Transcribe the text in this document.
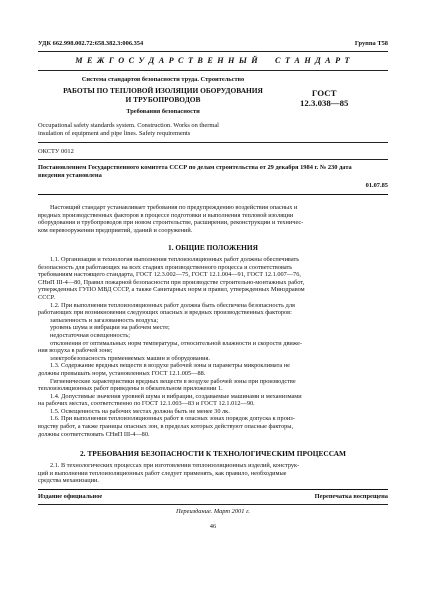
УДК 662.998.002.72:658.382.3:006.354	Группа Т58
М Е Ж Г О С У Д А Р С Т В Е Н Н Ы Й     С Т А Н Д А Р Т
Система стандартов безопасности труда. Строительство
РАБОТЫ ПО ТЕПЛОВОЙ ИЗОЛЯЦИИ ОБОРУДОВАНИЯ
И ТРУБОПРОВОДОВ
ГОСТ
12.3.038—85
Требования безопасности
Occupational safety standards system. Construction. Works on thermal
insulation of equipment and pipe lines. Safety requirements
ОКСТУ 0012
Постановлением Государственного комитета СССР по делам строительства от 29 декабря 1984 г. № 230 дата
введения установлена
01.07.85

Настоящий стандарт устанавливает требования по предупреждению воздействия опасных и

вредных производственных факторов в процессе подготовки и выполнения тепловой изоляции

оборудования и трубопроводов при новом строительстве, расширении, реконструкции и техничес-

ком перевооружении предприятий, зданий и сооружений.

1. ОБЩИЕ ПОЛОЖЕНИЯ

1.1. Организация и технология выполнения теплоизоляционных работ должны обеспечивать

безопасность для работающих на всех стадиях производственного процесса и соответствовать

требованиям настоящего стандарта, ГОСТ 12.3.002—75, ГОСТ 12.1.004—91, ГОСТ 12.1.007—76,

СНиП III-4—80, Правил пожарной безопасности при производстве строительно-монтажных работ,

утвержденных ГУПО МВД СССР, а также Санитарных норм и правил, утвержденных Минздравом

СССР.

1.2. При выполнении теплоизоляционных работ должна быть обеспечена безопасность для

работающих при возникновении следующих опасных и вредных производственных факторов:

запыленность и загазованность воздуха;

уровень шума и вибрации на рабочем месте;

недостаточная освещенность;

отклонения от оптимальных норм температуры, относительной влажности и скорости движе-

ния воздуха в рабочей зоне;

электробезопасность применяемых машин и оборудования.

1.3. Содержание вредных веществ в воздухе рабочей зоны и параметры микроклимата не

должны превышать норм, установленных ГОСТ 12.1.005—88.

Гигиенические характеристики вредных веществ в воздухе рабочей зоны при производстве

теплоизоляционных работ приведены в обязательном приложении 1.

1.4. Допустимые значения уровней шума и вибрации, создаваемые машинами и механизмами

на рабочих местах, соответственно по ГОСТ 12.1.003—83 и ГОСТ 12.1.012—90.

1.5. Освещенность на рабочих местах должна быть не менее 30 лк.

1.6. При выполнении теплоизоляционных работ в опасных зонах порядок допуска к произ-

водству работ, а также границы опасных зон, в пределах которых действуют опасные факторы,

должны соответствовать СНиП III-4—80.

2. ТРЕБОВАНИЯ БЕЗОПАСНОСТИ К ТЕХНОЛОГИЧЕСКИМ ПРОЦЕССАМ

2.1. В технологических процессах при изготовлении теплоизоляционных изделий, конструк-

ций и выполнении теплоизоляционных работ следует применять, как правило, необходимые

средства механизации.

Издание официальное	Перепечатка воспрещена
Переиздание. Март 2001 г.
46
